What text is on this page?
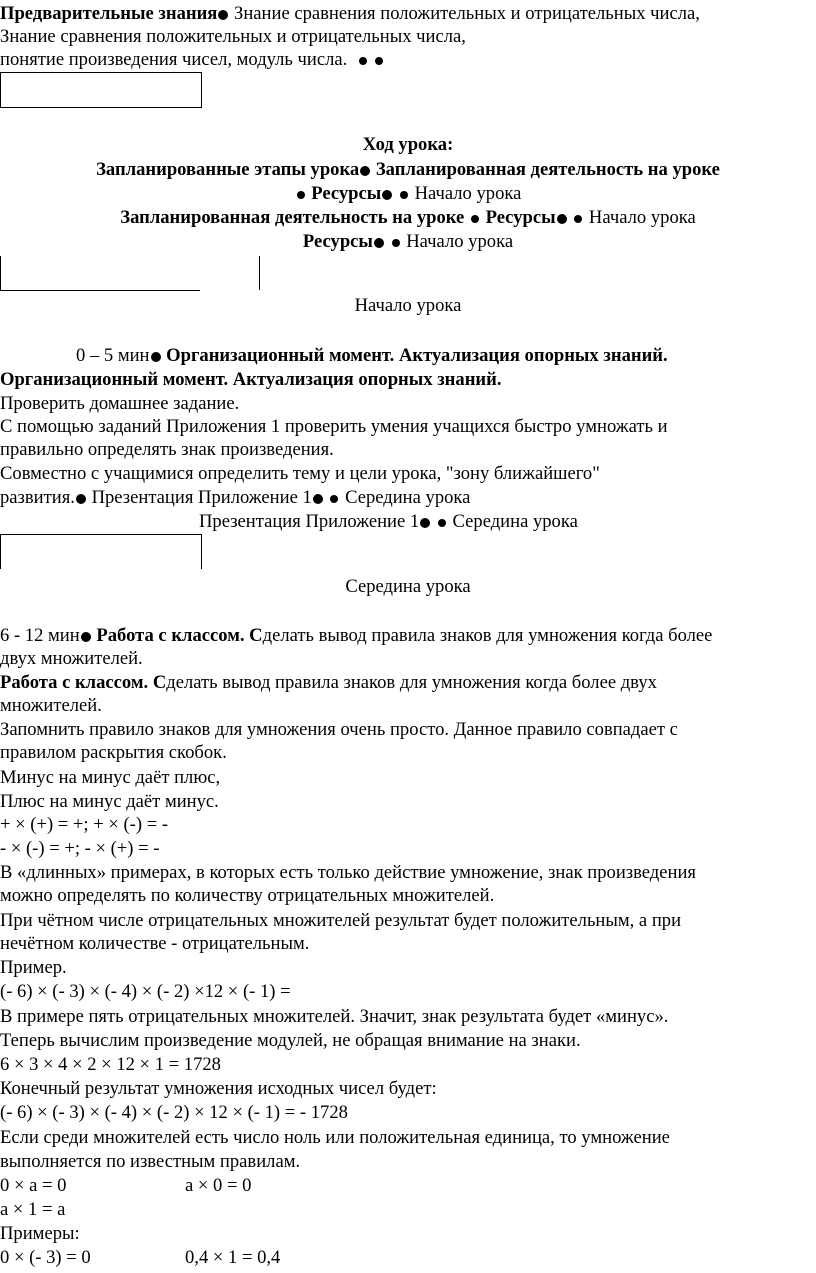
Предварительные знания Знание сравнения положительных и отрицательных числа,
Знание сравнения положительных и отрицательных числа,
понятие произведения чисел, модуль числа.
Ход урока:
Запланированные этапы урока Запланированная деятельность на уроке
Ресурсы Начало урока
Запланированная деятельность на уроке Ресурсы Начало урока
Ресурсы Начало урока
Начало урока
0 – 5 мин Организационный момент. Актуализация опорных знаний.
Организационный момент. Актуализация опорных знаний.
Проверить домашнее задание.
С помощью заданий Приложения 1 проверить умения учащихся быстро умножать и
правильно определять знак произведения.
Совместно с учащимися определить тему и цели урока, "зону ближайшего"
развития. Презентация Приложение 1 Середина урока
Презентация Приложение 1 Середина урока
Середина урока
6 - 12 мин Работа с классом. Сделать вывод правила знаков для умножения когда более
двух множителей.
Работа с классом. Сделать вывод правила знаков для умножения когда более двух
множителей.
Запомнить правило знаков для умножения очень просто. Данное правило совпадает с
правилом раскрытия скобок.
Минус на минус даёт плюс,
Плюс на минус даёт минус.
+ × (+) = +; + × (-) = -
- × (-) = +; - × (+) = -
В «длинных» примерах, в которых есть только действие умножение, знак произведения
можно определять по количеству отрицательных множителей.
При чётном числе отрицательных множителей результат будет положительным, а при
нечётном количестве - отрицательным.
Пример.
(- 6) × (- 3) × (- 4) × (- 2) ×12 × (- 1) =
В примере пять отрицательных множителей. Значит, знак результата будет «минус».
Теперь вычислим произведение модулей, не обращая внимание на знаки.
6 × 3 × 4 × 2 × 12 × 1 = 1728
Конечный результат умножения исходных чисел будет:
(- 6) × (- 3) × (- 4) × (- 2) × 12 × (- 1) = - 1728
Если среди множителей есть число ноль или положительная единица, то умножение
выполняется по известным правилам.
0 × a = 0	a × 0 = 0
a × 1 = a
Примеры:
0 × (- 3) = 0	0,4 × 1 = 0,4
